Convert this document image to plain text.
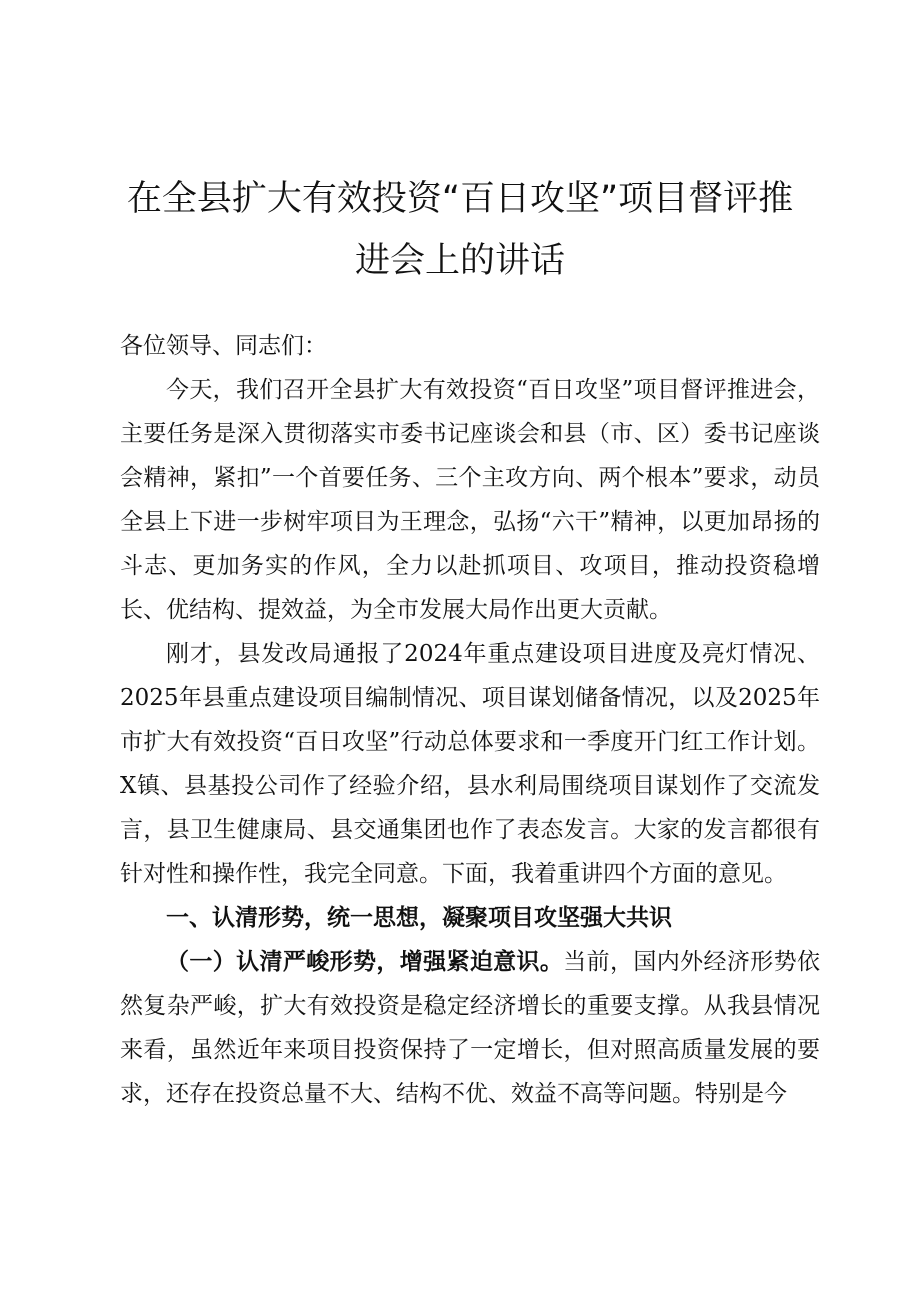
在全县扩大有效投资“百日攻坚”项目督评推
进会上的讲话

各位领导、同志们：

今天，我们召开全县扩大有效投资“百日攻坚”项目督评推进会，主要任务是深入贯彻落实市委书记座谈会和县（市、区）委书记座谈会精神，紧扣”一个首要任务、三个主攻方向、两个根本”要求，动员全县上下进一步树牢项目为王理念，弘扬“六干”精神，以更加昂扬的斗志、更加务实的作风，全力以赴抓项目、攻项目，推动投资稳增长、优结构、提效益，为全市发展大局作出更大贡献。

刚才，县发改局通报了2024年重点建设项目进度及亮灯情况、2025年县重点建设项目编制情况、项目谋划储备情况，以及2025年市扩大有效投资“百日攻坚”行动总体要求和一季度开门红工作计划。X镇、县基投公司作了经验介绍，县水利局围绕项目谋划作了交流发言，县卫生健康局、县交通集团也作了表态发言。大家的发言都很有针对性和操作性，我完全同意。下面，我着重讲四个方面的意见。

一、认清形势，统一思想，凝聚项目攻坚强大共识

（一）认清严峻形势，增强紧迫意识。当前，国内外经济形势依然复杂严峻，扩大有效投资是稳定经济增长的重要支撑。从我县情况来看，虽然近年来项目投资保持了一定增长，但对照高质量发展的要求，还存在投资总量不大、结构不优、效益不高等问题。特别是今
